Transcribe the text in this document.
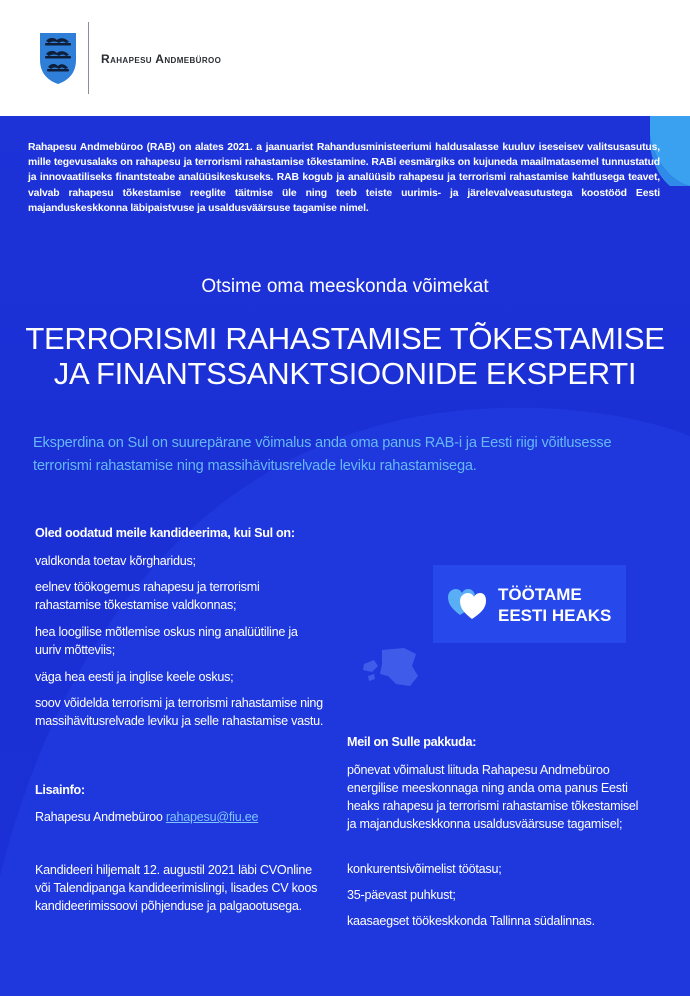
Rahapesu Andmebüroo

Rahapesu Andmebüroo (RAB) on alates 2021. a jaanuarist Rahandusministeeriumi haldusalasse kuuluv iseseisev valitsusasutus, mille tegevusalaks on rahapesu ja terrorismi rahastamise tõkestamine. RABi eesmärgiks on kujuneda maailmatasemel tunnustatud ja innovaatiliseks finantsteabe analüüsikeskuseks. RAB kogub ja analüüsib rahapesu ja terrorismi rahastamise kahtlusega teavet, valvab rahapesu tõkestamise reeglite täitmise üle ning teeb teiste uurimis- ja järelevalveasutustega koostööd Eesti majanduskeskkonna läbipaistvuse ja usaldusväärsuse tagamise nimel.

Otsime oma meeskonda võimekat

TERRORISMI RAHASTAMISE TÕKESTAMISE
JA FINANTSSANKTSIOONIDE EKSPERTI

Eksperdina on Sul on suurepärane võimalus anda oma panus RAB-i ja Eesti riigi võitlusesse terrorismi rahastamise ning massihävitusrelvade leviku rahastamisega.

Oled oodatud meile kandideerima, kui Sul on:

valdkonda toetav kõrgharidus;

eelnev töökogemus rahapesu ja terrorismi rahastamise tõkestamise valdkonnas;

hea loogilise mõtlemise oskus ning analüütiline ja uuriv mõtteviis;

väga hea eesti ja inglise keele oskus;

soov võidelda terrorismi ja terrorismi rahastamise ning massihävitusrelvade leviku ja selle rahastamise vastu.

Lisainfo:

Rahapesu Andmebüroo rahapesu@fiu.ee

Kandideeri hiljemalt 12. augustil 2021 läbi CVOnline või Talendipanga kandideerimislingi, lisades CV koos kandideerimissoovi põhjenduse ja palgaootusega.

Meil on Sulle pakkuda:

põnevat võimalust liituda Rahapesu Andmebüroo energilise meeskonnaga ning anda oma panus Eesti heaks rahapesu ja terrorismi rahastamise tõkestamisel ja majanduskeskkonna usaldusväärsuse tagamisel;

konkurentsivõimelist töötasu;

35-päevast puhkust;

kaasaegset töökeskkonda Tallinna südalinnas.

TÖÖTAME

EESTI HEAKS
